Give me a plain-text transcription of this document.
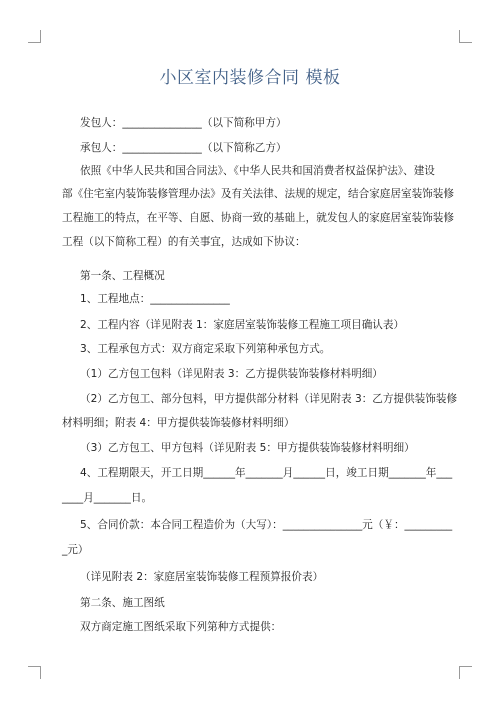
小区室内装修合同 模板
发包人：_______________（以下简称甲方）
承包人：_______________（以下简称乙方）
依照《中华人民共和国合同法》、《中华人民共和国消费者权益保护法》、建设
部《住宅室内装饰装修管理办法》及有关法律、法规的规定，结合家庭居室装饰装修
工程施工的特点，在平等、自愿、协商一致的基础上，就发包人的家庭居室装饰装修
工程（以下简称工程）的有关事宜，达成如下协议：
第一条、工程概况
1、工程地点：_______________
2、工程内容（详见附表 1：家庭居室装饰装修工程施工项目确认表）
3、工程承包方式：双方商定采取下列第种承包方式。
（1）乙方包工包料（详见附表 3：乙方提供装饰装修材料明细）
（2）乙方包工、部分包料，甲方提供部分材料（详见附表 3：乙方提供装饰装修
材料明细；附表 4：甲方提供装饰装修材料明细）
（3）乙方包工、甲方包料（详见附表 5：甲方提供装饰装修材料明细）
4、工程期限天，开工日期______年_______月______日，竣工日期_______年___
____月_______日。
5、合同价款：本合同工程造价为（大写）：_______________元（￥：_________
_元）
（详见附表 2：家庭居室装饰装修工程预算报价表）
第二条、施工图纸
双方商定施工图纸采取下列第种方式提供：
